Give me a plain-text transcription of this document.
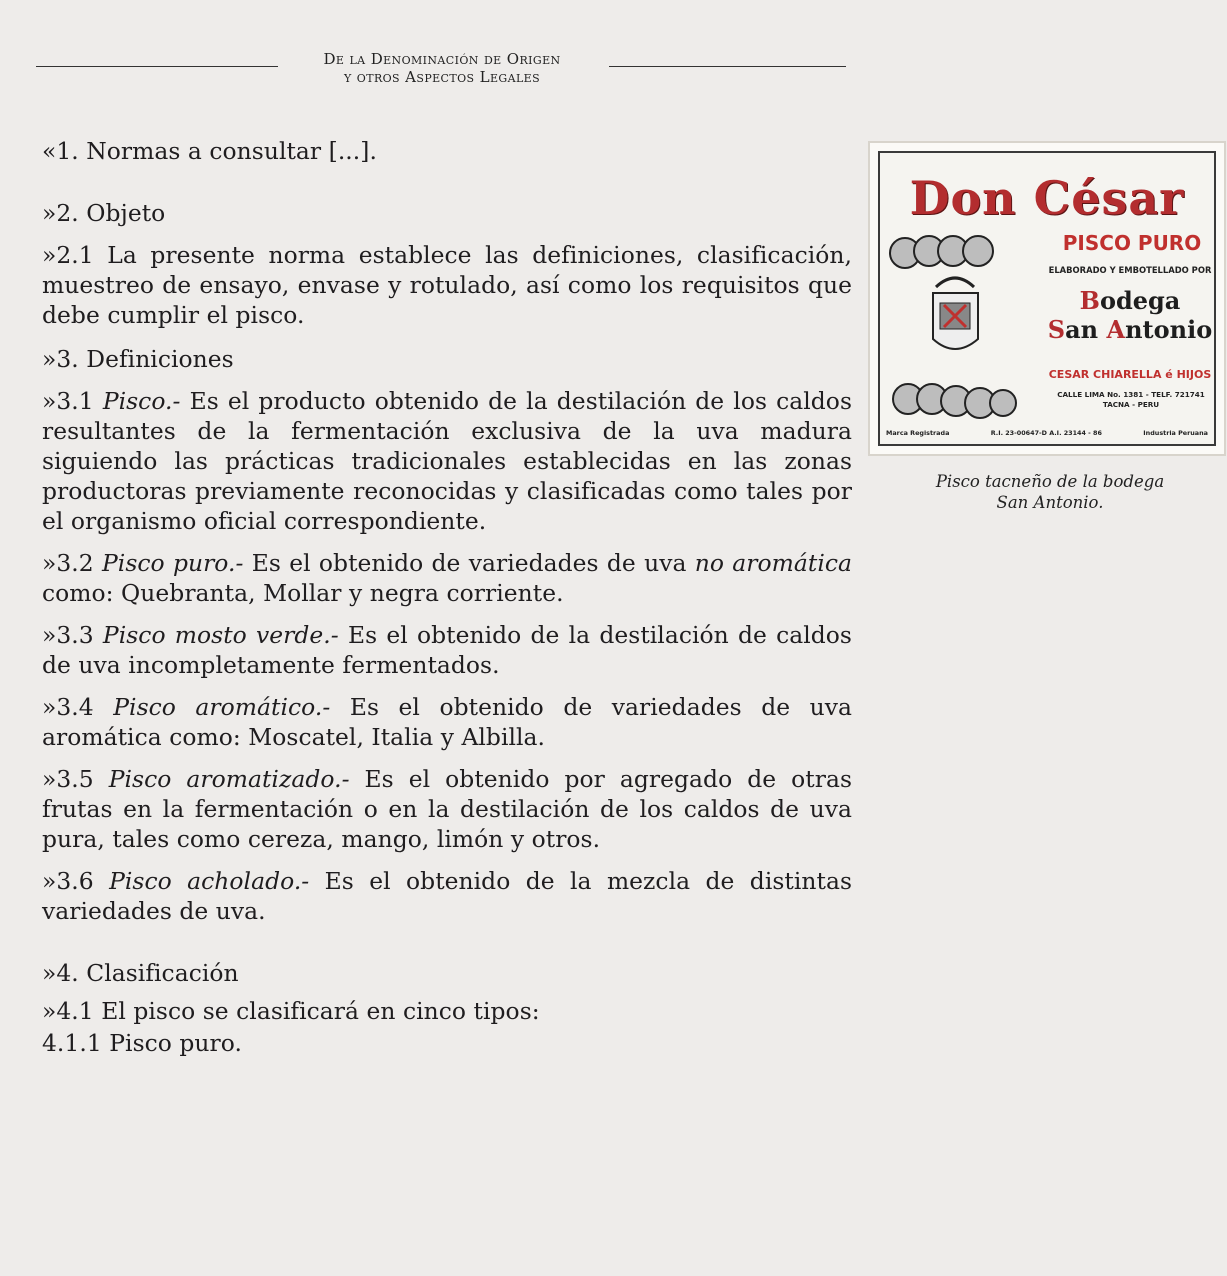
De la Denominación de Origen
y otros Aspectos Legales

«1. Normas a consultar [...].

»2. Objeto

»2.1 La presente norma establece las definiciones, clasificación, muestreo de ensayo, envase y rotulado, así como los requisitos que debe cumplir el pisco.

»3. Definiciones

»3.1 Pisco.- Es el producto obtenido de la destilación de los caldos resultantes de la fermentación exclusiva de la uva madura siguiendo las prácticas tradicionales establecidas en las zonas productoras previamente reconocidas y clasificadas como tales por el organismo oficial correspondiente.

»3.2 Pisco puro.- Es el obtenido de variedades de uva no aromática como: Quebranta, Mollar y negra corriente.

»3.3 Pisco mosto verde.- Es el obtenido de la destilación de caldos de uva incompletamente fermentados.

»3.4 Pisco aromático.- Es el obtenido de variedades de uva aromática como: Moscatel, Italia y Albilla.

»3.5 Pisco aromatizado.- Es el obtenido por agregado de otras frutas en la fermentación o en la destilación de los caldos de uva pura, tales como cereza, mango, limón y otros.

»3.6 Pisco acholado.- Es el obtenido de la mezcla de distintas variedades de uva.

»4. Clasificación

»4.1 El pisco se clasificará en cinco tipos:

4.1.1 Pisco puro.

Don César
PISCO PURO
ELABORADO Y EMBOTELLADO POR
Bodega
San Antonio
CESAR CHIARELLA é HIJOS
CALLE LIMA No. 1381 - TELF. 721741
TACNA - PERU
Marca Registrada	R.I. 23-00647-D A.I. 23144 - 86	Industria Peruana
Pisco tacneño de la bodega
San Antonio.
